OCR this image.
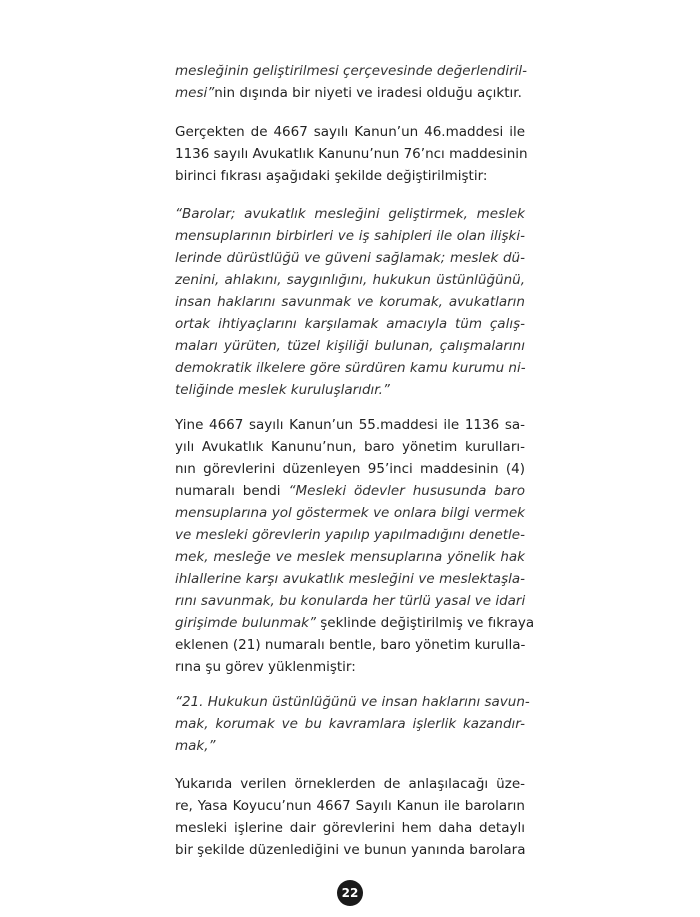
mesleğinin geliştirilmesi çerçevesinde değerlendiril-
mesi”nin dışında bir niyeti ve iradesi olduğu açıktır.
Gerçekten de 4667 sayılı Kanun’un 46.maddesi ile
1136 sayılı Avukatlık Kanunu’nun 76’ncı maddesinin
birinci fıkrası aşağıdaki şekilde değiştirilmiştir:
“Barolar; avukatlık mesleğini geliştirmek, meslek
mensuplarının birbirleri ve iş sahipleri ile olan ilişki-
lerinde dürüstlüğü ve güveni sağlamak; meslek dü-
zenini, ahlakını, saygınlığını, hukukun üstünlüğünü,
insan haklarını savunmak ve korumak, avukatların
ortak ihtiyaçlarını karşılamak amacıyla tüm çalış-
maları yürüten, tüzel kişiliği bulunan, çalışmalarını
demokratik ilkelere göre sürdüren kamu kurumu ni-
teliğinde meslek kuruluşlarıdır.”
Yine 4667 sayılı Kanun’un 55.maddesi ile 1136 sa-
yılı Avukatlık Kanunu’nun, baro yönetim kurulları-
nın görevlerini düzenleyen 95’inci maddesinin (4)
numaralı bendi “Mesleki ödevler hususunda baro
mensuplarına yol göstermek ve onlara bilgi vermek
ve mesleki görevlerin yapılıp yapılmadığını denetle-
mek, mesleğe ve meslek mensuplarına yönelik hak
ihlallerine karşı avukatlık mesleğini ve meslektaşla-
rını savunmak, bu konularda her türlü yasal ve idari
girişimde bulunmak” şeklinde değiştirilmiş ve fıkraya
eklenen (21) numaralı bentle, baro yönetim kurulla-
rına şu görev yüklenmiştir:
“21. Hukukun üstünlüğünü ve insan haklarını savun-
mak, korumak ve bu kavramlara işlerlik kazandır-
mak,”
Yukarıda verilen örneklerden de anlaşılacağı üze-
re, Yasa Koyucu’nun 4667 Sayılı Kanun ile baroların
mesleki işlerine dair görevlerini hem daha detaylı
bir şekilde düzenlediğini ve bunun yanında barolara
22
